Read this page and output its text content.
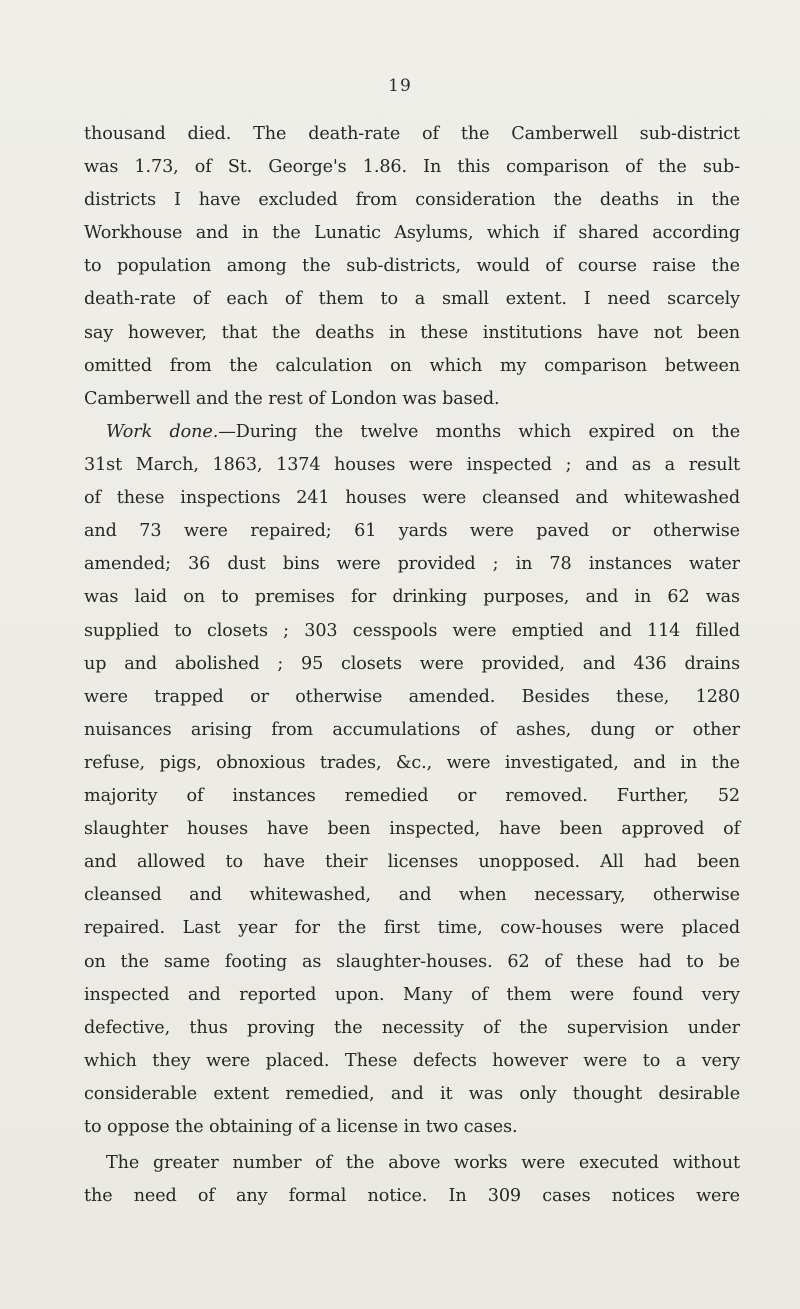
19
thousand died. The death-rate of the Camberwell sub-district
was 1.73, of St. George's 1.86. In this comparison of the sub-
districts I have excluded from consideration the deaths in the
Workhouse and in the Lunatic Asylums, which if shared according
to population among the sub-districts, would of course raise the
death-rate of each of them to a small extent. I need scarcely
say however, that the deaths in these institutions have not been
omitted from the calculation on which my comparison between
Camberwell and the rest of London was based.
Work done.—During the twelve months which expired on the
31st March, 1863, 1374 houses were inspected ; and as a result
of these inspections 241 houses were cleansed and whitewashed
and 73 were repaired; 61 yards were paved or otherwise
amended; 36 dust bins were provided ; in 78 instances water
was laid on to premises for drinking purposes, and in 62 was
supplied to closets ; 303 cesspools were emptied and 114 filled
up and abolished ; 95 closets were provided, and 436 drains
were trapped or otherwise amended. Besides these, 1280
nuisances arising from accumulations of ashes, dung or other
refuse, pigs, obnoxious trades, &c., were investigated, and in the
majority of instances remedied or removed. Further, 52
slaughter houses have been inspected, have been approved of
and allowed to have their licenses unopposed. All had been
cleansed and whitewashed, and when necessary, otherwise
repaired. Last year for the first time, cow-houses were placed
on the same footing as slaughter-houses. 62 of these had to be
inspected and reported upon. Many of them were found very
defective, thus proving the necessity of the supervision under
which they were placed. These defects however were to a very
considerable extent remedied, and it was only thought desirable
to oppose the obtaining of a license in two cases.
The greater number of the above works were executed without
the need of any formal notice. In 309 cases notices were
